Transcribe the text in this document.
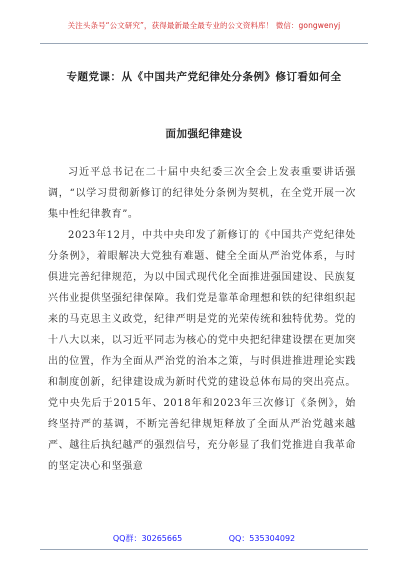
关注头条号“公文研究”，获得最新最全最专业的公文资料库！ 微信：gongwenyj
专题党课：从《中国共产党纪律处分条例》修订看如何全
面加强纪律建设

习近平总书记在二十届中央纪委三次全会上发表重要讲话强调，“以学习贯彻新修订的纪律处分条例为契机，在全党开展一次集中性纪律教育”。

2023年12月，中共中央印发了新修订的《中国共产党纪律处分条例》，着眼解决大党独有难题、健全全面从严治党体系，与时俱进完善纪律规范，为以中国式现代化全面推进强国建设、民族复兴伟业提供坚强纪律保障。我们党是靠革命理想和铁的纪律组织起来的马克思主义政党，纪律严明是党的光荣传统和独特优势。党的十八大以来，以习近平同志为核心的党中央把纪律建设摆在更加突出的位置，作为全面从严治党的治本之策，与时俱进推进理论实践和制度创新，纪律建设成为新时代党的建设总体布局的突出亮点。党中央先后于2015年、2018年和2023年三次修订《条例》，始终坚持严的基调，不断完善纪律规矩释放了全面从严治党越来越严、越往后执纪越严的强烈信号，充分彰显了我们党推进自我革命的坚定决心和坚强意

QQ群：30265665	QQ：535304092
